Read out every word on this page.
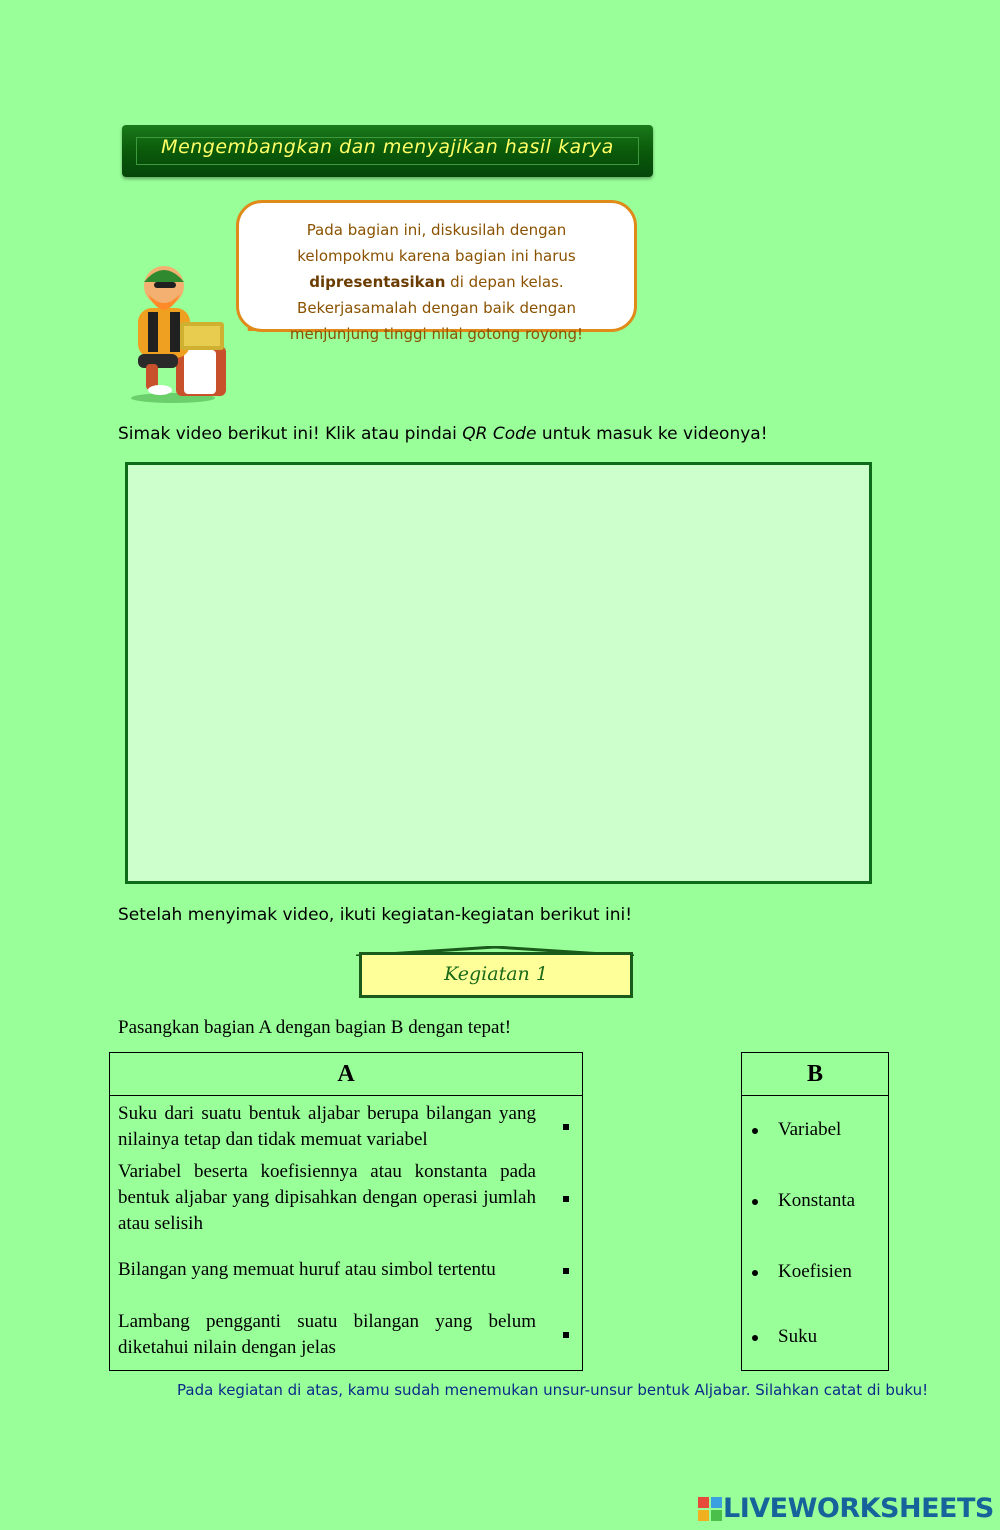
Mengembangkan dan menyajikan hasil karya
Pada bagian ini, diskusilah dengan kelompokmu karena bagian ini harus dipresentasikan di depan kelas. Bekerjasamalah dengan baik dengan menjunjung tinggi nilai gotong royong!
Simak video berikut ini! Klik atau pindai QR Code untuk masuk ke videonya!
Setelah menyimak video, ikuti kegiatan-kegiatan berikut ini!
Kegiatan 1
Pasangkan bagian A dengan bagian B dengan tepat!
A
Suku dari suatu bentuk aljabar berupa bilangan yang nilainya tetap dan tidak memuat variabel
Variabel beserta koefisiennya atau konstanta pada bentuk aljabar yang dipisahkan dengan operasi jumlah atau selisih
Bilangan yang memuat huruf atau simbol tertentu
Lambang pengganti suatu bilangan yang belum diketahui nilain dengan jelas
B
Variabel
Konstanta
Koefisien
Suku
Pada kegiatan di atas, kamu sudah menemukan unsur-unsur bentuk Aljabar. Silahkan catat di buku!
LIVEWORKSHEETS
